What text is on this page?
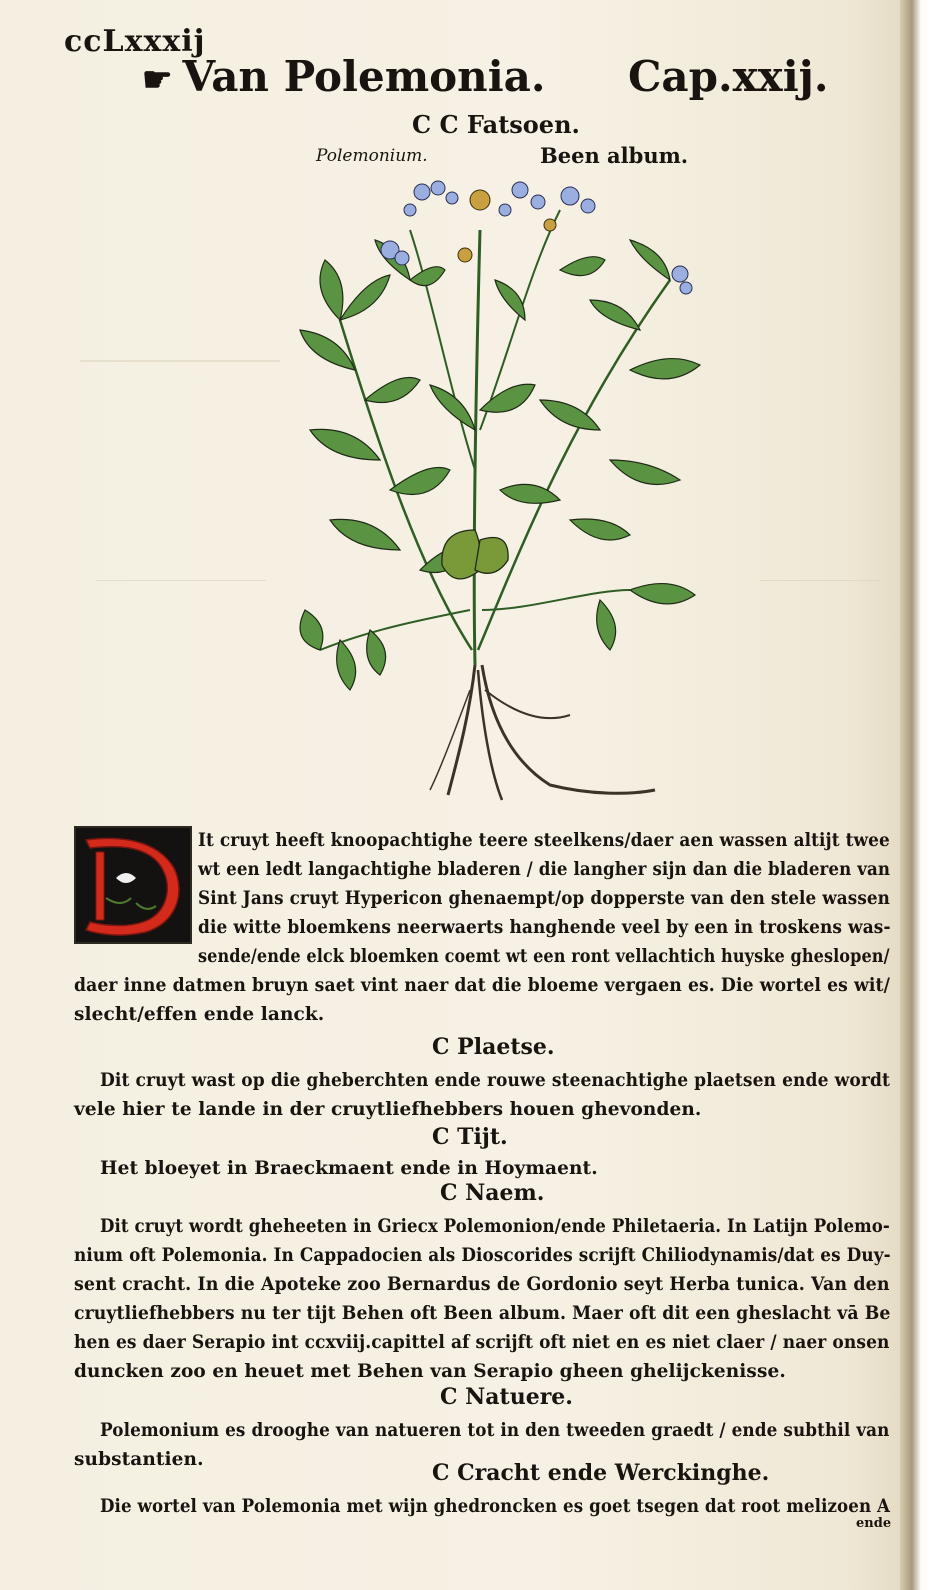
ccLxxxij
☛ Van Polemonia. Cap.xxij.
Ⅽ Ⅽ Fatsoen.
Polemonium.	Been album.
It cruyt heeft knoopachtighe teere steelkens/daer aen wassen altijt twee
wt een ledt langachtighe bladeren / die langher sijn dan die bladeren van
Sint Jans cruyt Hypericon ghenaempt/op dopperste van den stele wassen
die witte bloemkens neerwaerts hanghende veel by een in troskens was-
sende/ende elck bloemken coemt wt een ront vellachtich huyske gheslopen/
daer inne datmen bruyn saet vint naer dat die bloeme vergaen es. Die wortel es wit/
slecht/effen ende lanck.
Ⅽ Plaetse.
Dit cruyt wast op die gheberchten ende rouwe steenachtighe plaetsen ende wordt
vele hier te lande in der cruytliefhebbers houen ghevonden.
Ⅽ Tijt.
Het bloeyet in Braeckmaent ende in Hoymaent.
Ⅽ Naem.
Dit cruyt wordt gheheeten in Griecx Polemonion/ende Philetaeria. In Latijn Polemo-
nium oft Polemonia. In Cappadocien als Dioscorides scrijft Chiliodynamis/dat es Duy-
sent cracht. In die Apoteke zoo Bernardus de Gordonio seyt Herba tunica. Van den
cruytliefhebbers nu ter tijt Behen oft Been album. Maer oft dit een gheslacht vā Be
hen es daer Serapio int ccxviij.capittel af scrijft oft niet en es niet claer / naer onsen
duncken zoo en heuet met Behen van Serapio gheen ghelijckenisse.
Ⅽ Natuere.
Polemonium es drooghe van natueren tot in den tweeden graedt / ende subthil van
substantien.
Ⅽ Cracht ende Werckinghe.
Die wortel van Polemonia met wijn ghedroncken es goet tsegen dat root melizoen A
ende
